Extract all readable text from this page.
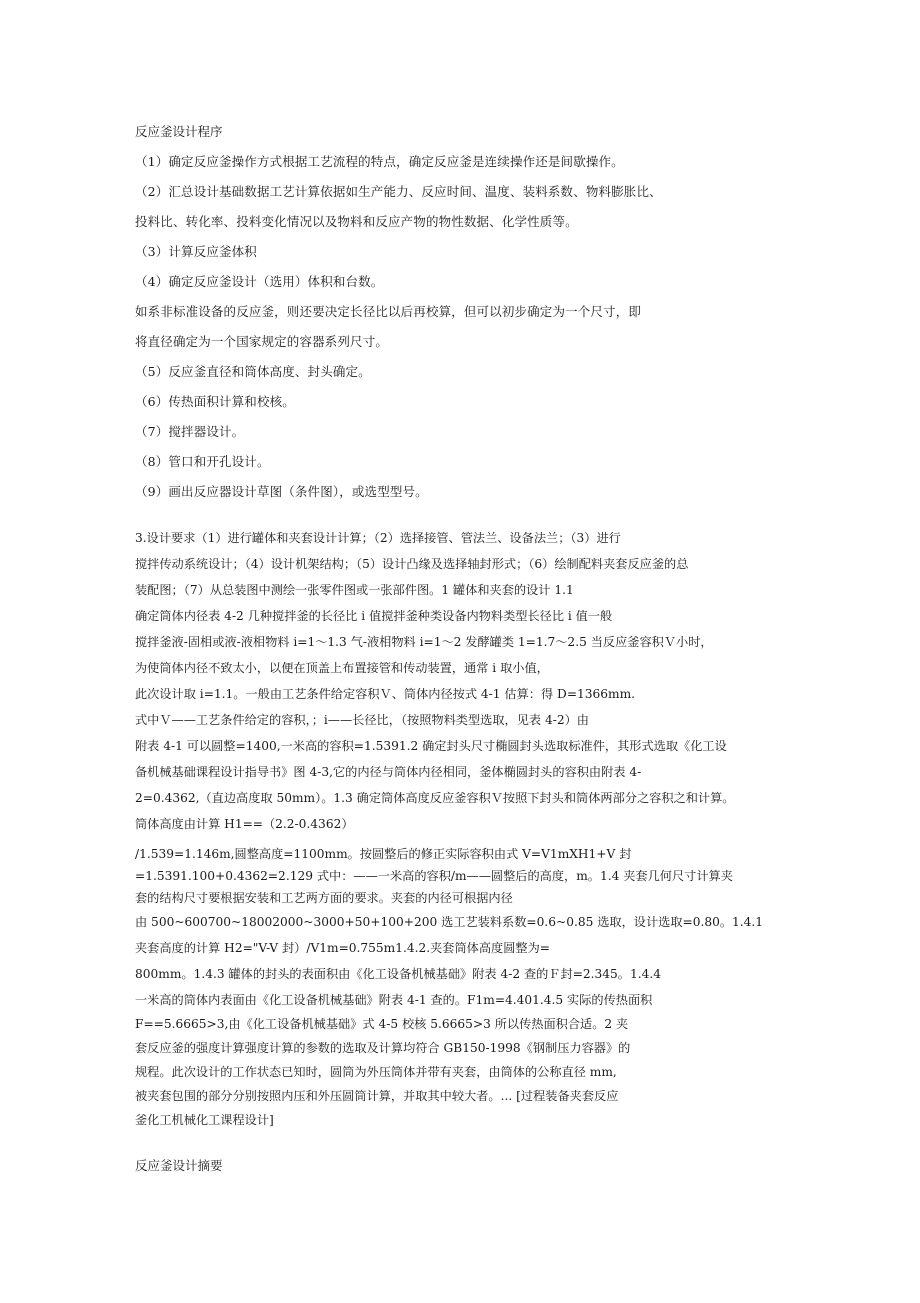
反应釜设计程序
（1）确定反应釜操作方式根据工艺流程的特点，确定反应釜是连续操作还是间歇操作。
（2）汇总设计基础数据工艺计算依据如生产能力、反应时间、温度、装料系数、物料膨胀比、
投料比、转化率、投料变化情况以及物料和反应产物的物性数据、化学性质等。
（3）计算反应釜体积
（4）确定反应釜设计（选用）体积和台数。
如系非标准设备的反应釜，则还要决定长径比以后再校算，但可以初步确定为一个尺寸，即
将直径确定为一个国家规定的容器系列尺寸。
（5）反应釜直径和筒体高度、封头确定。
（6）传热面积计算和校核。
（7）搅拌器设计。
（8）管口和开孔设计。
（9）画出反应器设计草图（条件图），或选型型号。
3.设计要求（1）进行罐体和夹套设计计算；（2）选择接管、管法兰、设备法兰；（3）进行
搅拌传动系统设计；（4）设计机架结构；（5）设计凸缘及选择轴封形式；（6）绘制配料夹套反应釜的总
装配图；（7）从总装图中测绘一张零件图或一张部件图。1 罐体和夹套的设计 1.1
确定筒体内径表 4-2 几种搅拌釜的长径比 i 值搅拌釜种类设备内物料类型长径比 i 值一般
搅拌釜液-固相或液-液相物料 i=1〜1.3 气-液相物料 i=1〜2 发酵罐类 1=1.7〜2.5 当反应釜容积Ｖ小时，
为使筒体内径不致太小，以便在顶盖上布置接管和传动装置，通常 i 取小值，
此次设计取 i=1.1。一般由工艺条件给定容积Ｖ、筒体内径按式 4-1 估算：得 D=1366mm.
式中Ｖ——工艺条件给定的容积，；i——长径比，（按照物料类型选取，见表 4-2）由
附表 4-1 可以圆整=1400,一米高的容积=1.5391.2 确定封头尺寸椭圆封头选取标准件，其形式选取《化工设
备机械基础课程设计指导书》图 4-3,它的内径与筒体内径相同，釜体椭圆封头的容积由附表 4-
2=0.4362,（直边高度取 50mm）。1.3 确定筒体高度反应釜容积Ｖ按照下封头和筒体两部分之容积之和计算。
筒体高度由计算 H1==（2.2-0.4362）
/1.539=1.146m,圆整高度=1100mm。按圆整后的修正实际容积由式 V=V1mXH1+V 封
=1.5391.100+0.4362=2.129 式中：——一米高的容积/m——圆整后的高度，m。1.4 夹套几何尺寸计算夹
套的结构尺寸要根据安装和工艺两方面的要求。夹套的内径可根据内径
由 500~600700~18002000~3000+50+100+200 选工艺装料系数=0.6~0.85 选取，设计选取=0.80。1.4.1
夹套高度的计算 H2="V-V 封）/V1m=0.755m1.4.2.夹套筒体高度圆整为=
800mm。1.4.3 罐体的封头的表面积由《化工设备机械基础》附表 4-2 查的Ｆ封=2.345。1.4.4
一米高的筒体内表面由《化工设备机械基础》附表 4-1 查的。F1m=4.401.4.5 实际的传热面积
F==5.6665>3,由《化工设备机械基础》式 4-5 校核 5.6665>3 所以传热面积合适。2 夹
套反应釜的强度计算强度计算的参数的选取及计算均符合 GB150-1998《钢制压力容器》的
规程。此次设计的工作状态已知时，圆筒为外压筒体并带有夹套，由筒体的公称直径 mm,
被夹套包围的部分分别按照内压和外压圆筒计算，并取其中较大者。... [过程装备夹套反应
釜化工机械化工课程设计]
反应釜设计摘要
